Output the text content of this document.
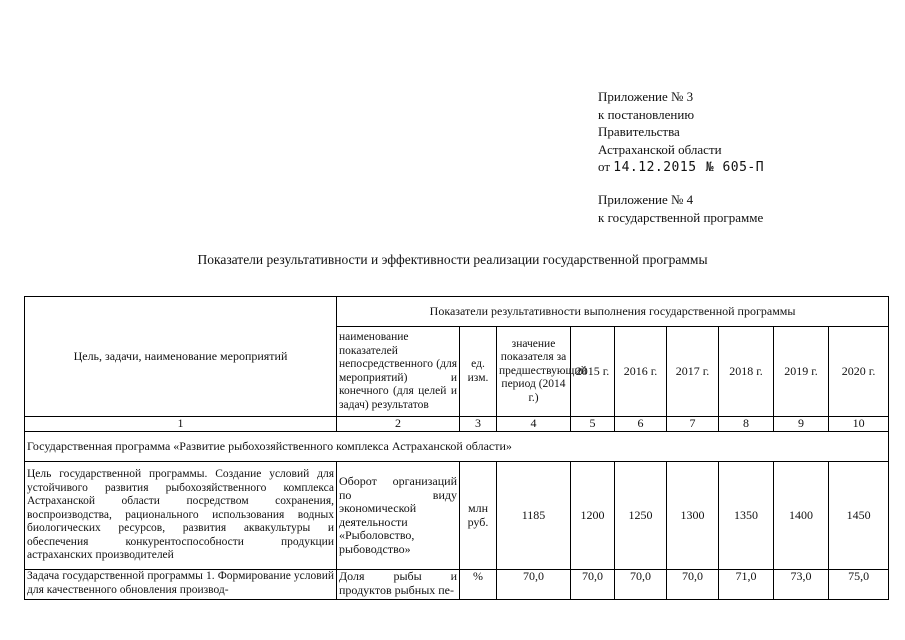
Приложение № 3
к постановлению
Правительства
Астраханской области
от 14.12.2015 № 605-П
Приложение № 4
к государственной программе
Показатели результативности и эффективности реализации государственной программы
Цель, задачи, наименование мероприятий	Показатели результативности выполнения государственной программы								
	наименование показателей непосредственного (для мероприятий) и конечного (для целей и задач) результатов	ед. изм.	значение показателя за предшествующий период (2014 г.)	2015 г.	2016 г.	2017 г.	2018 г.	2019 г.	2020 г.
1	2	3	4	5	6	7	8	9	10
Государственная программа «Развитие рыбохозяйственного комплекса Астраханской области»									
Цель государственной программы. Создание условий для устойчивого развития рыбохозяйственного комплекса Астраханской области посредством сохранения, воспроизводства, рационального использования водных биологических ресурсов, развития аквакультуры и обеспечения конкурентоспособности продукции астраханских производителей	Оборот организаций по виду экономической деятельности «Рыболовство, рыбоводство»	млн руб.	1185	1200	1250	1300	1350	1400	1450
Задача государственной программы 1. Формирование условий для качественного обновления производ-	Доля рыбы и продуктов рыбных пе-	%	70,0	70,0	70,0	70,0	71,0	73,0	75,0
